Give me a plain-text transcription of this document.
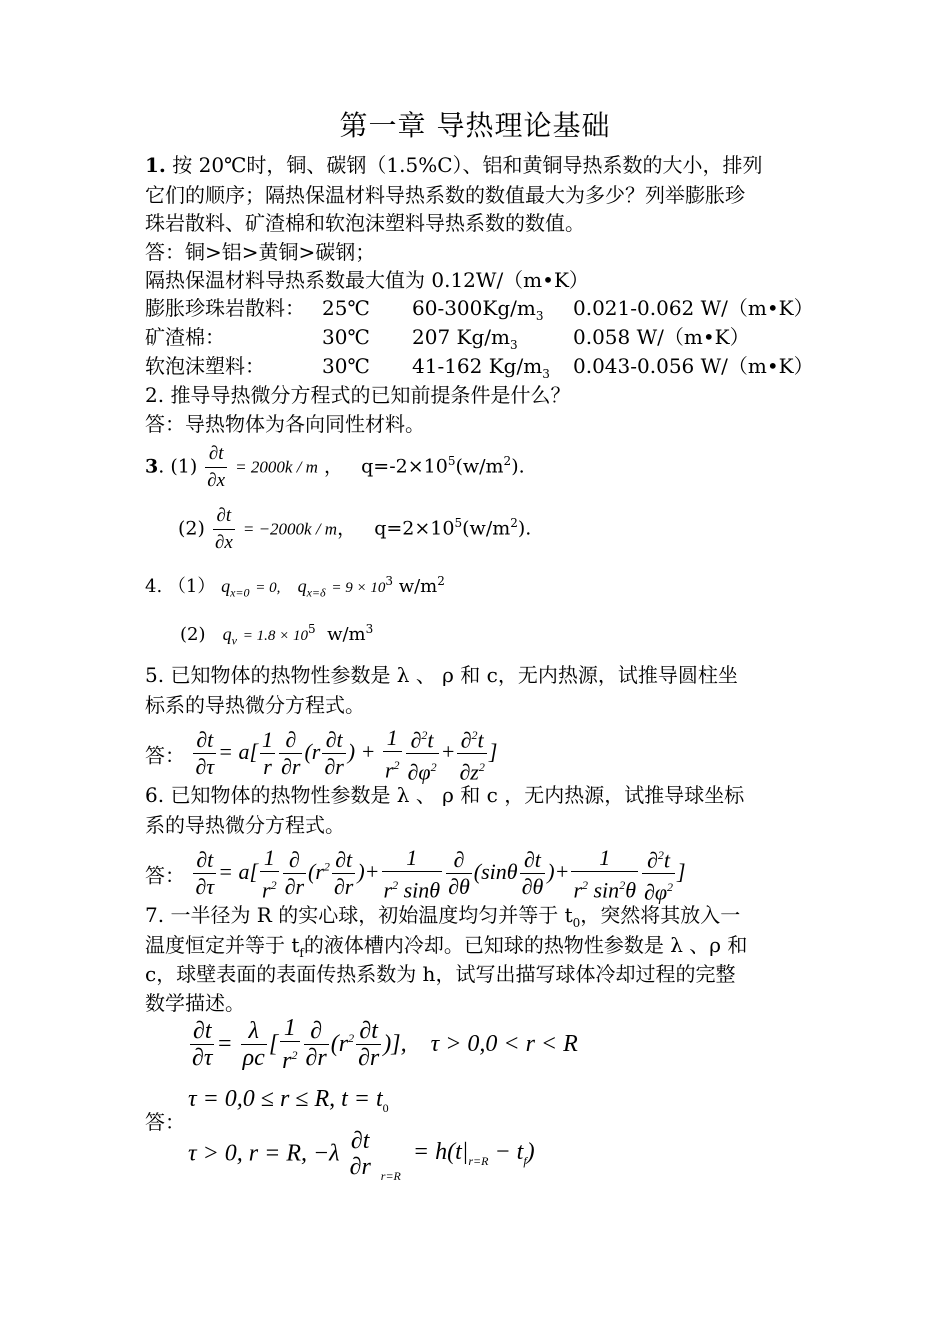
第一章 导热理论基础
1. 按 20℃时，铜、碳钢（1.5%C）、铝和黄铜导热系数的大小，排列
它们的顺序；隔热保温材料导热系数的数值最大为多少？列举膨胀珍
珠岩散料、矿渣棉和软泡沫塑料导热系数的数值。
答：铜>铝>黄铜>碳钢；
隔热保温材料导热系数最大值为 0.12W/（m•K）
膨胀珍珠岩散料： 25℃ $60-300Kg/m_3$ 0.021-0.062 W/（m•K）
矿渣棉：	30℃ 207 $Kg/m_3$	0.058 W/（m•K）
软泡沫塑料：	30℃ 41-162 $Kg/m_3$ 0.043-0.056 W/（m•K）
2. 推导导热微分方程式的已知前提条件是什么？
答：导热物体为各向同性材料。
3. $(1) \frac{\partial t}{\partial x} = 2000k / m$ ，   $q=-2\times 10^5(w/m^2)$.
$(2) \frac{\partial t}{\partial x} = -2000k / m$，   $q=2\times 10^5(w/m^2)$.
4. （1） $q_{x=0} = 0$, $q_{x=\delta} = 9 \times 10^3$ $w/m^2$
(2) $q_v = 1.8 \times 10^5$ $w/m^3$
5. 已知物体的热物性参数是 λ 、 ρ 和 c，无内热源，试推导圆柱坐
标系的导热微分方程式。
答： $\frac{\partial t}{\partial\tau} = a[ \frac{1}{r} \frac{\partial}{\partial r} (r \frac{\partial t}{\partial r}$ ) + $\frac{1}{r^2} \frac{\partial^2t}{\partial\varphi^2} + \frac{\partial^2t}{\partial z^2}$ ]
6. 已知物体的热物性参数是 λ 、 ρ 和 c ，无内热源，试推导球坐标
系的导热微分方程式。
答： $\frac{\partial t}{\partial\tau} = a[ \frac{1}{r^2} \frac{\partial}{\partial r} (r^2 \frac{\partial t}{\partial r}$ )+ $\frac{1}{r^2 \sin\theta} \frac{\partial}{\partial\theta} (\sin\theta \frac{\partial t}{\partial\theta}$ )+ $\frac{1}{r^2 \sin^2\theta} \frac{\partial^2t}{\partial\varphi^2}$ ]
7. 一半径为 R 的实心球，初始温度均匀并等于 $t_0$，突然将其放入一
温度恒定并等于 $t_f$的液体槽内冷却。已知球的热物性参数是 λ 、ρ 和
c，球壁表面的表面传热系数为 h，试写出描写球体冷却过程的完整
数学描述。
$\frac{\partial t}{\partial\tau} = \frac{\lambda}{\rho c}$ [ $\frac{1}{r^2} \frac{\partial}{\partial r} (r^2 \frac{\partial t}{\partial r}$ )],    τ > 0,0 < r < R
答：
τ = 0,0 ≤ r ≤ R, $t = t_0$
τ > 0, r = R, −λ ∂t
∂r $_{r=R} = h(t|_{r=R} - t_f)$
